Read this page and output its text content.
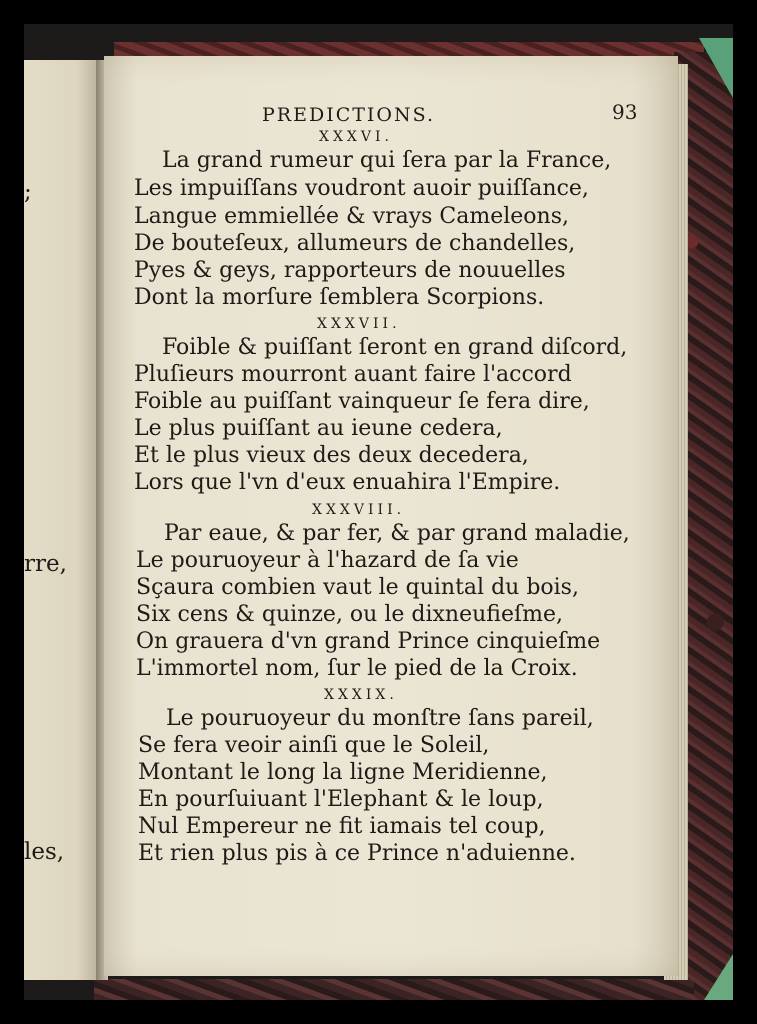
;
rre,
les,
PREDICTIONS.	93
XXXVI.
La grand rumeur qui ſera par la France,
Les impuiſſans voudront auoir puiſſance,
Langue emmiellée & vrays Cameleons,
De bouteſeux, allumeurs de chandelles,
Pyes & geys, rapporteurs de nouuelles
Dont la morſure ſemblera Scorpions.
XXXVII.
Foible & puiſſant ſeront en grand diſcord,
Pluſieurs mourront auant faire l'accord
Foible au puiſſant vainqueur ſe fera dire,
Le plus puiſſant au ieune cedera,
Et le plus vieux des deux decedera,
Lors que l'vn d'eux enuahira l'Empire.
XXXVIII.
Par eaue, & par fer, & par grand maladie,
Le pouruoyeur à l'hazard de ſa vie
Sçaura combien vaut le quintal du bois,
Six cens & quinze, ou le dixneufieſme,
On grauera d'vn grand Prince cinquieſme
L'immortel nom, ſur le pied de la Croix.
XXXIX.
Le pouruoyeur du monſtre ſans pareil,
Se fera veoir ainſi que le Soleil,
Montant le long la ligne Meridienne,
En pourſuiuant l'Elephant & le loup,
Nul Empereur ne fit iamais tel coup,
Et rien plus pis à ce Prince n'aduienne.
